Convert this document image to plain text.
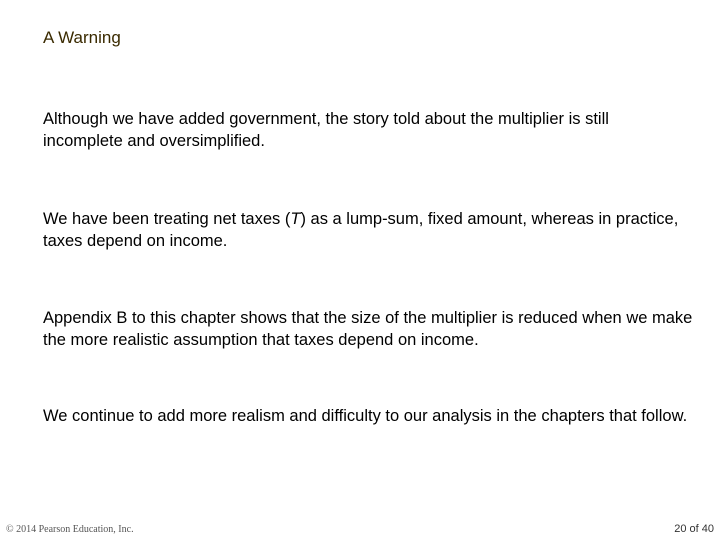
A Warning
Although we have added government, the story told about the multiplier is still incomplete and oversimplified.
We have been treating net taxes (T) as a lump-sum, fixed amount, whereas in practice, taxes depend on income.
Appendix B to this chapter shows that the size of the multiplier is reduced when we make the more realistic assumption that taxes depend on income.
We continue to add more realism and difficulty to our analysis in the chapters that follow.
© 2014 Pearson Education, Inc.	20 of 40
